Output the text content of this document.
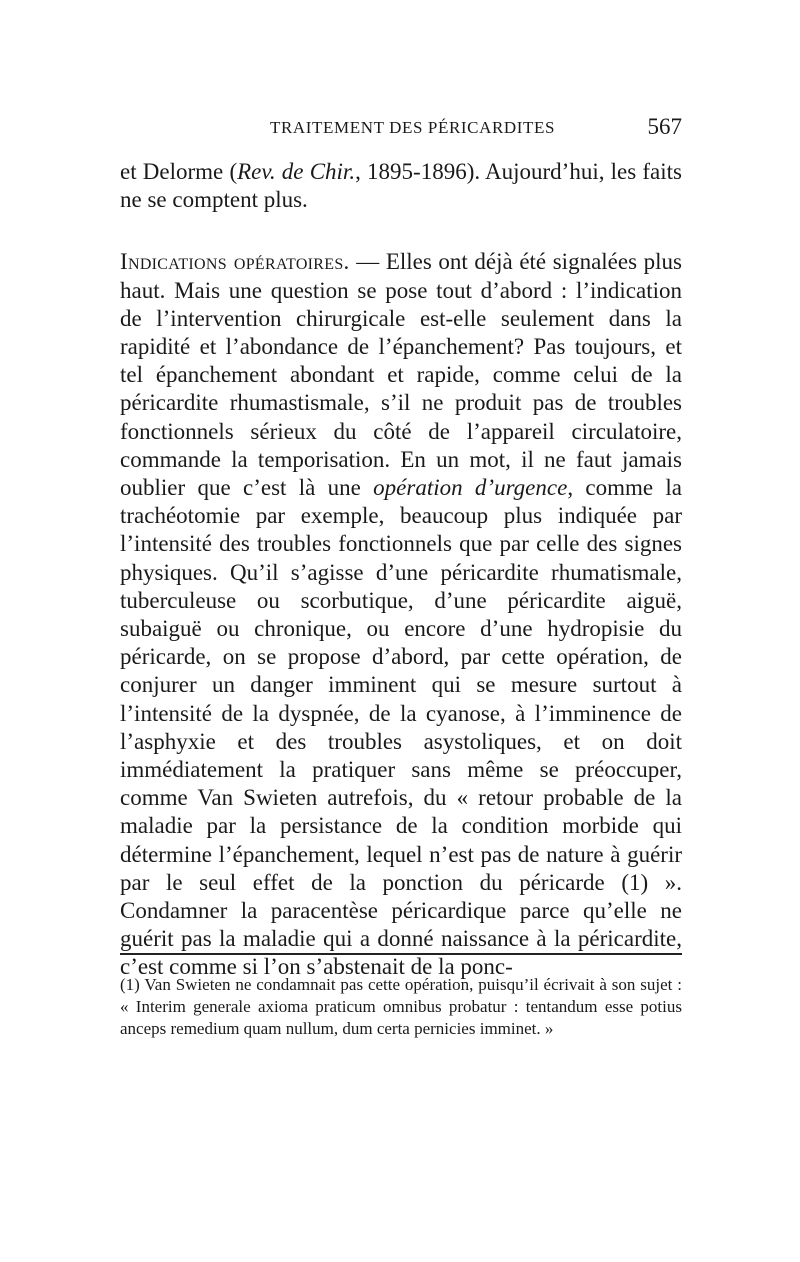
TRAITEMENT DES PÉRICARDITES	567

et Delorme (Rev. de Chir., 1895-1896). Aujourd’hui, les faits ne se comptent plus.

Indications opératoires. — Elles ont déjà été signalées plus haut. Mais une question se pose tout d’abord : l’indication de l’intervention chirurgicale est-elle seulement dans la rapidité et l’abondance de l’épanchement? Pas toujours, et tel épanchement abondant et rapide, comme celui de la péricardite rhumastismale, s’il ne produit pas de troubles fonctionnels sérieux du côté de l’appareil circulatoire, commande la temporisation. En un mot, il ne faut jamais oublier que c’est là une opération d’urgence, comme la trachéotomie par exemple, beaucoup plus indiquée par l’intensité des troubles fonctionnels que par celle des signes physiques. Qu’il s’agisse d’une péricardite rhumatismale, tuberculeuse ou scorbutique, d’une péricardite aiguë, subaiguë ou chronique, ou encore d’une hydropisie du péricarde, on se propose d’abord, par cette opération, de conjurer un danger imminent qui se mesure surtout à l’intensité de la dyspnée, de la cyanose, à l’imminence de l’asphyxie et des troubles asystoliques, et on doit immédiatement la pratiquer sans même se préoccuper, comme Van Swieten autrefois, du « retour probable de la maladie par la persistance de la condition morbide qui détermine l’épanchement, lequel n’est pas de nature à guérir par le seul effet de la ponction du péricarde (1) ». Condamner la paracentèse péricardique parce qu’elle ne guérit pas la maladie qui a donné naissance à la péricardite, c’est comme si l’on s’abstenait de la ponc-

(1) Van Swieten ne condamnait pas cette opération, puisqu’il écrivait à son sujet : « Interim generale axioma praticum omnibus probatur : tentandum esse potius anceps remedium quam nullum, dum certa pernicies imminet. »
